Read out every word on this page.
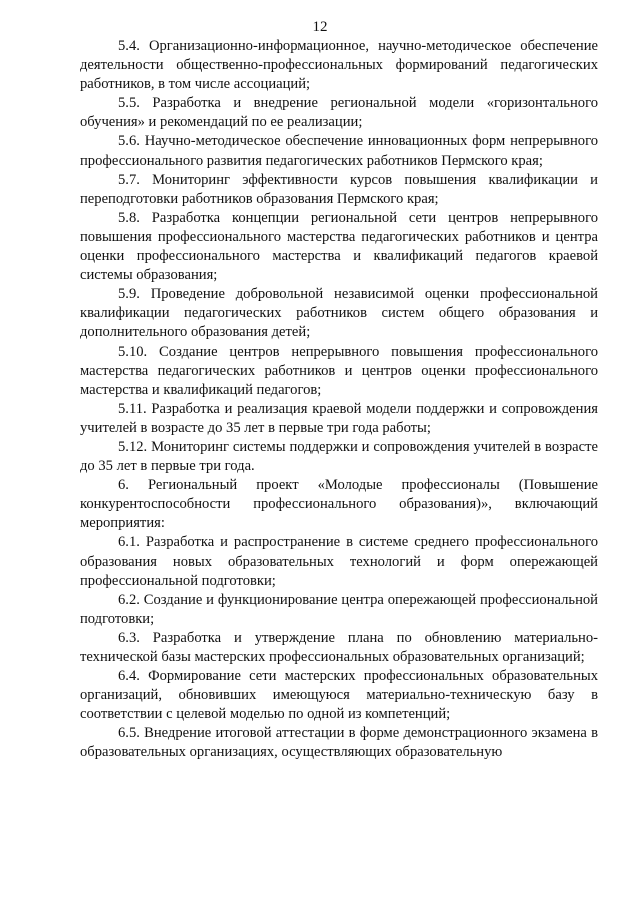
12

5.4. Организационно-информационное, научно-методическое обеспечение деятельности общественно-профессиональных формирований педагогических работников, в том числе ассоциаций;

5.5. Разработка и внедрение региональной модели «горизонтального обучения» и рекомендаций по ее реализации;

5.6. Научно-методическое обеспечение инновационных форм непрерывного профессионального развития педагогических работников Пермского края;

5.7. Мониторинг эффективности курсов повышения квалификации и переподготовки работников образования Пермского края;

5.8. Разработка концепции региональной сети центров непрерывного повышения профессионального мастерства педагогических работников и центра оценки профессионального мастерства и квалификаций педагогов краевой системы образования;

5.9. Проведение добровольной независимой оценки профессиональной квалификации педагогических работников систем общего образования и дополнительного образования детей;

5.10. Создание центров непрерывного повышения профессионального мастерства педагогических работников и центров оценки профессионального мастерства и квалификаций педагогов;

5.11. Разработка и реализация краевой модели поддержки и сопровождения учителей в возрасте до 35 лет в первые три года работы;

5.12. Мониторинг системы поддержки и сопровождения учителей в возрасте до 35 лет в первые три года.

6. Региональный проект «Молодые профессионалы (Повышение конкурентоспособности профессионального образования)», включающий мероприятия:

6.1. Разработка и распространение в системе среднего профессионального образования новых образовательных технологий и форм опережающей профессиональной подготовки;

6.2. Создание и функционирование центра опережающей профессиональной подготовки;

6.3. Разработка и утверждение плана по обновлению материально-технической базы мастерских профессиональных образовательных организаций;

6.4. Формирование сети мастерских профессиональных образовательных организаций, обновивших имеющуюся материально-техническую базу в соответствии с целевой моделью по одной из компетенций;

6.5. Внедрение итоговой аттестации в форме демонстрационного экзамена в образовательных организациях, осуществляющих образовательную
